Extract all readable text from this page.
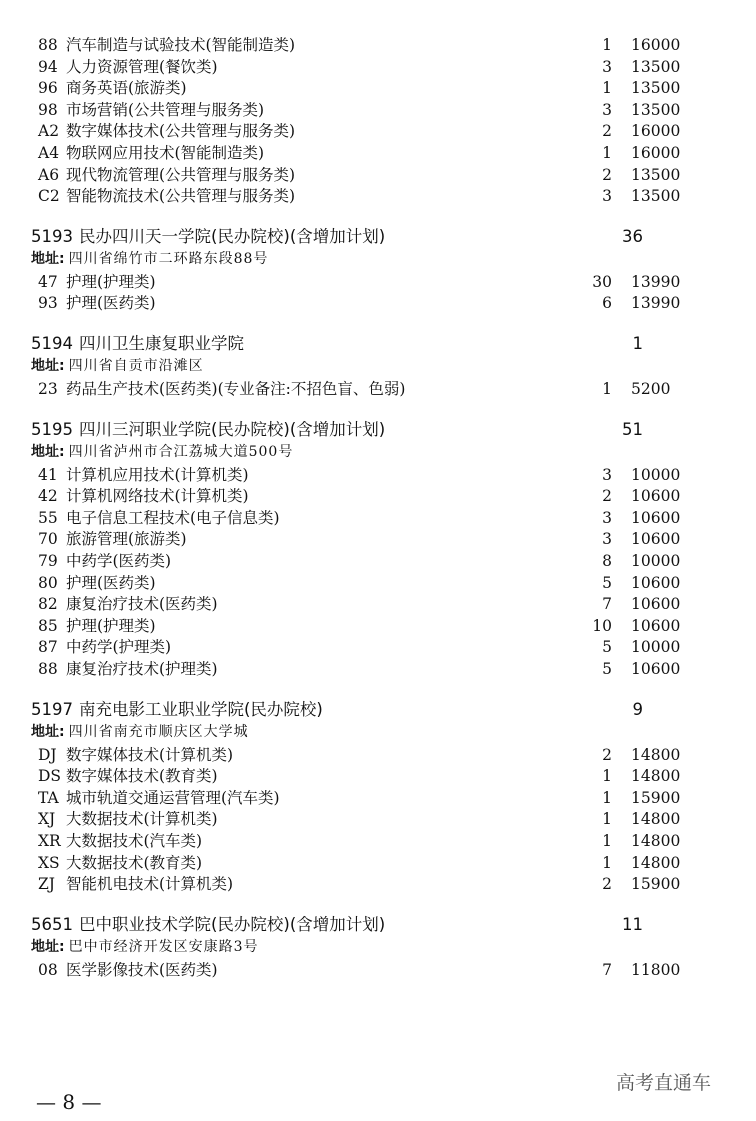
88 汽车制造与试验技术(智能制造类)	1 16000
94 人力资源管理(餐饮类)	3 13500
96 商务英语(旅游类)	1 13500
98 市场营销(公共管理与服务类)	3 13500
A2 数字媒体技术(公共管理与服务类)	2 16000
A4 物联网应用技术(智能制造类)	1 16000
A6 现代物流管理(公共管理与服务类)	2 13500
C2 智能物流技术(公共管理与服务类)	3 13500
5193 民办四川天一学院(民办院校)(含增加计划)	36
地址: 四川省绵竹市二环路东段88号
47 护理(护理类)	30 13990
93 护理(医药类)	6 13990
5194 四川卫生康复职业学院	1
地址: 四川省自贡市沿滩区
23 药品生产技术(医药类)(专业备注:不招色盲、色弱)	1 5200
5195 四川三河职业学院(民办院校)(含增加计划)	51
地址: 四川省泸州市合江荔城大道500号
41 计算机应用技术(计算机类)	3 10000
42 计算机网络技术(计算机类)	2 10600
55 电子信息工程技术(电子信息类)	3 10600
70 旅游管理(旅游类)	3 10600
79 中药学(医药类)	8 10000
80 护理(医药类)	5 10600
82 康复治疗技术(医药类)	7 10600
85 护理(护理类)	10 10600
87 中药学(护理类)	5 10000
88 康复治疗技术(护理类)	5 10600
5197 南充电影工业职业学院(民办院校)	9
地址: 四川省南充市顺庆区大学城
DJ 数字媒体技术(计算机类)	2 14800
DS 数字媒体技术(教育类)	1 14800
TA 城市轨道交通运营管理(汽车类)	1 15900
XJ 大数据技术(计算机类)	1 14800
XR 大数据技术(汽车类)	1 14800
XS 大数据技术(教育类)	1 14800
ZJ 智能机电技术(计算机类)	2 15900
5651 巴中职业技术学院(民办院校)(含增加计划)	11
地址: 巴中市经济开发区安康路3号
08 医学影像技术(医药类)	7 11800
— 8 —
高考直通车
